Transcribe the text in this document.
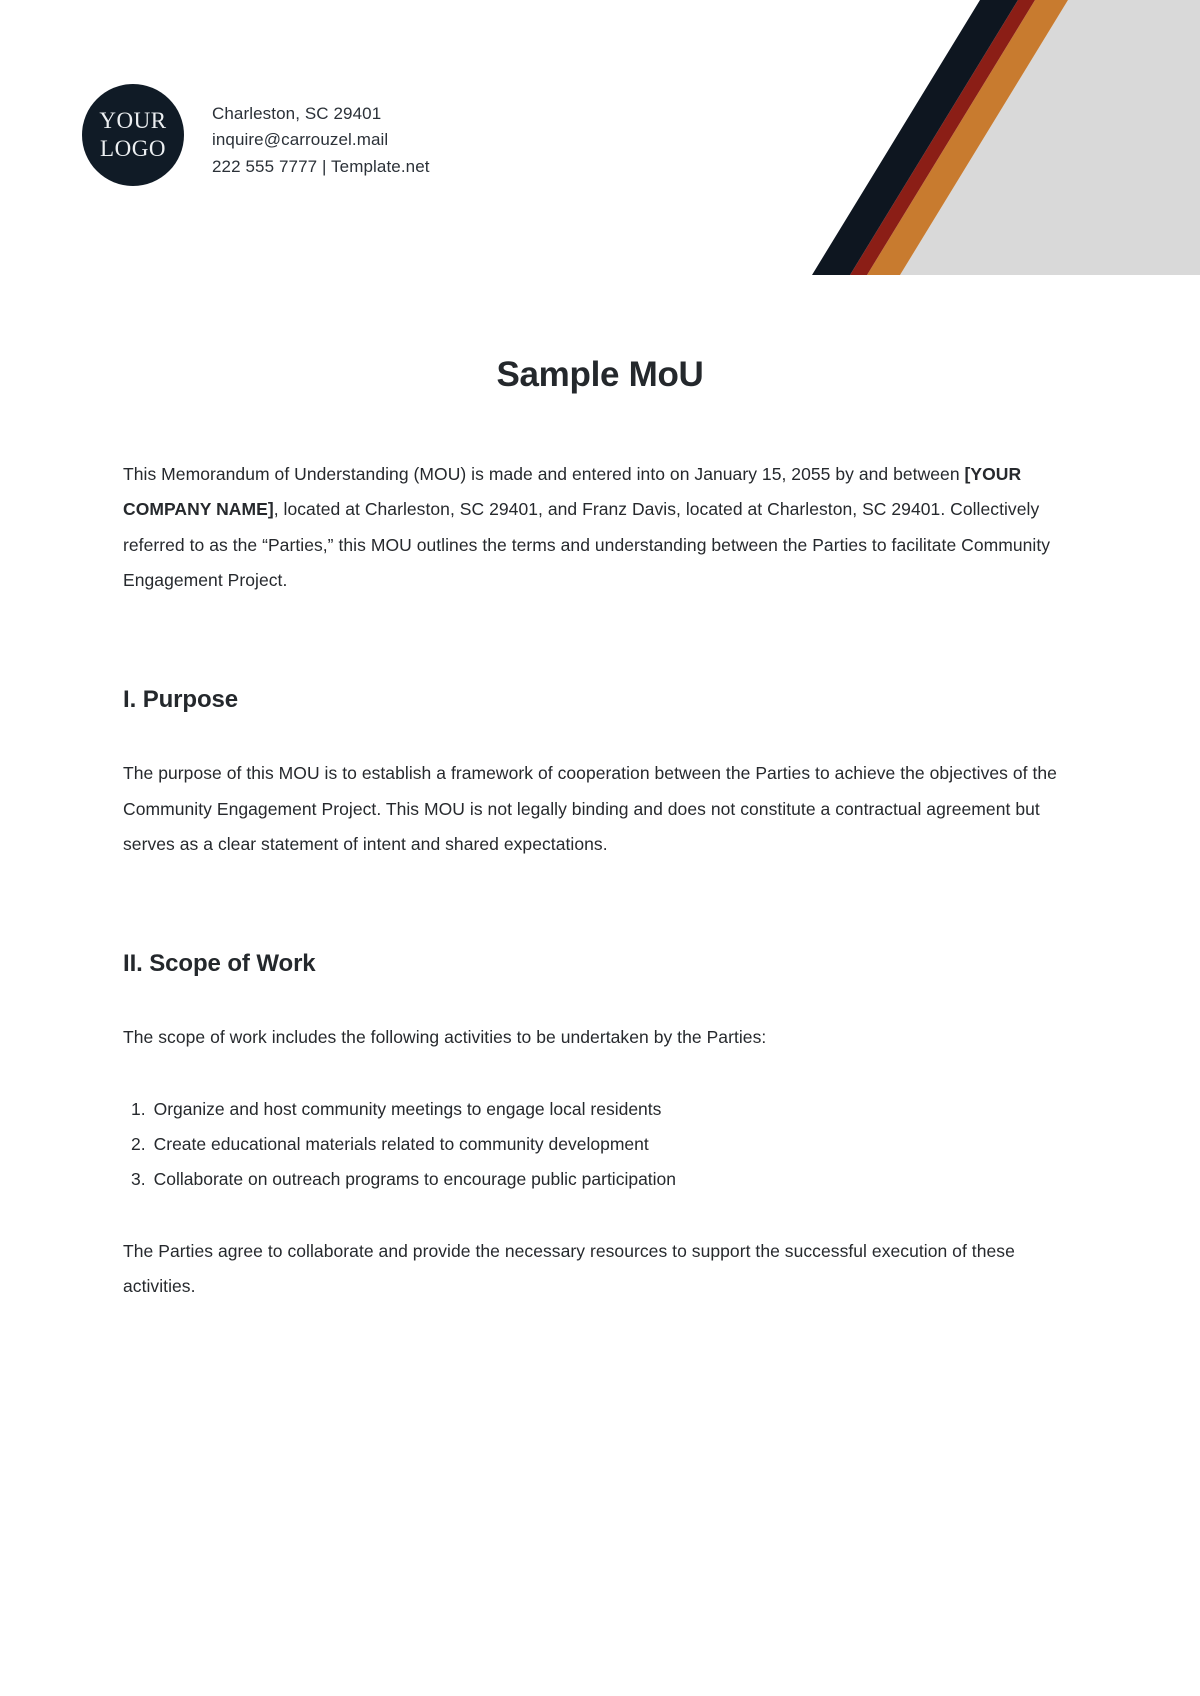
YOUR
LOGO
Charleston, SC 29401
inquire@carrouzel.mail
222 555 7777 | Template.net
Sample MoU

This Memorandum of Understanding (MOU) is made and entered into on January 15, 2055 by and between [YOUR COMPANY NAME], located at Charleston, SC 29401, and Franz Davis, located at Charleston, SC 29401. Collectively referred to as the “Parties,” this MOU outlines the terms and understanding between the Parties to facilitate Community Engagement Project.

I. Purpose

The purpose of this MOU is to establish a framework of cooperation between the Parties to achieve the objectives of the Community Engagement Project. This MOU is not legally binding and does not constitute a contractual agreement but serves as a clear statement of intent and shared expectations.

II. Scope of Work

The scope of work includes the following activities to be undertaken by the Parties:

1. Organize and host community meetings to engage local residents
2. Create educational materials related to community development
3. Collaborate on outreach programs to encourage public participation

The Parties agree to collaborate and provide the necessary resources to support the successful execution of these activities.
